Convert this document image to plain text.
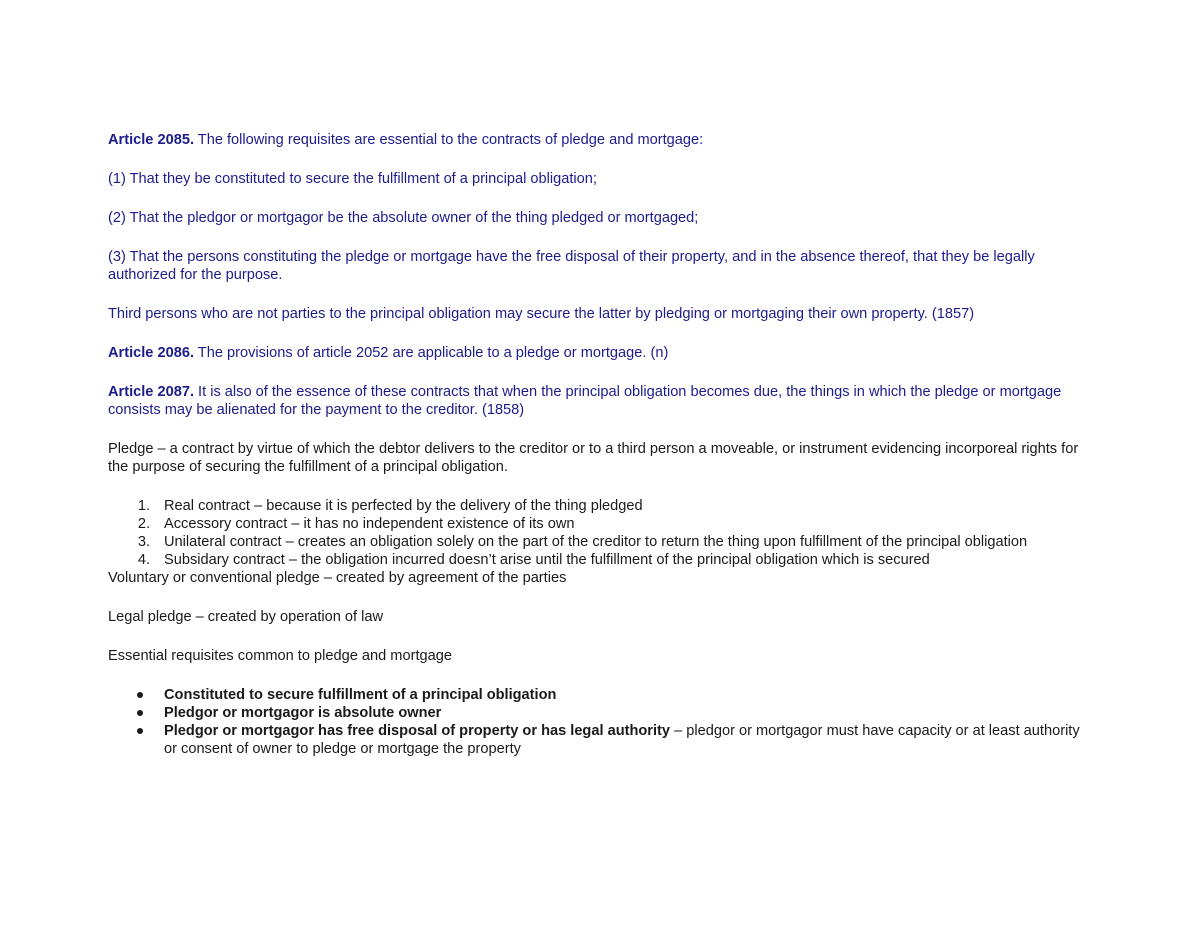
Article 2085. The following requisites are essential to the contracts of pledge and mortgage:

(1) That they be constituted to secure the fulfillment of a principal obligation;

(2) That the pledgor or mortgagor be the absolute owner of the thing pledged or mortgaged;

(3) That the persons constituting the pledge or mortgage have the free disposal of their property, and in the absence thereof, that they be legally authorized for the purpose.

Third persons who are not parties to the principal obligation may secure the latter by pledging or mortgaging their own property. (1857)

Article 2086. The provisions of article 2052 are applicable to a pledge or mortgage. (n)

Article 2087. It is also of the essence of these contracts that when the principal obligation becomes due, the things in which the pledge or mortgage consists may be alienated for the payment to the creditor. (1858)

Pledge – a contract by virtue of which the debtor delivers to the creditor or to a third person a moveable, or instrument evidencing incorporeal rights for the purpose of securing the fulfillment of a principal obligation.

1. Real contract – because it is perfected by the delivery of the thing pledged
2. Accessory contract – it has no independent existence of its own
3. Unilateral contract – creates an obligation solely on the part of the creditor to return the thing upon fulfillment of the principal obligation
4. Subsidary contract – the obligation incurred doesn’t arise until the fulfillment of the principal obligation which is secured

Voluntary or conventional pledge – created by agreement of the parties

Legal pledge – created by operation of law

Essential requisites common to pledge and mortgage

Constituted to secure fulfillment of a principal obligation
Pledgor or mortgagor is absolute owner
Pledgor or mortgagor has free disposal of property or has legal authority – pledgor or mortgagor must have capacity or at least authority or consent of owner to pledge or mortgage the property
